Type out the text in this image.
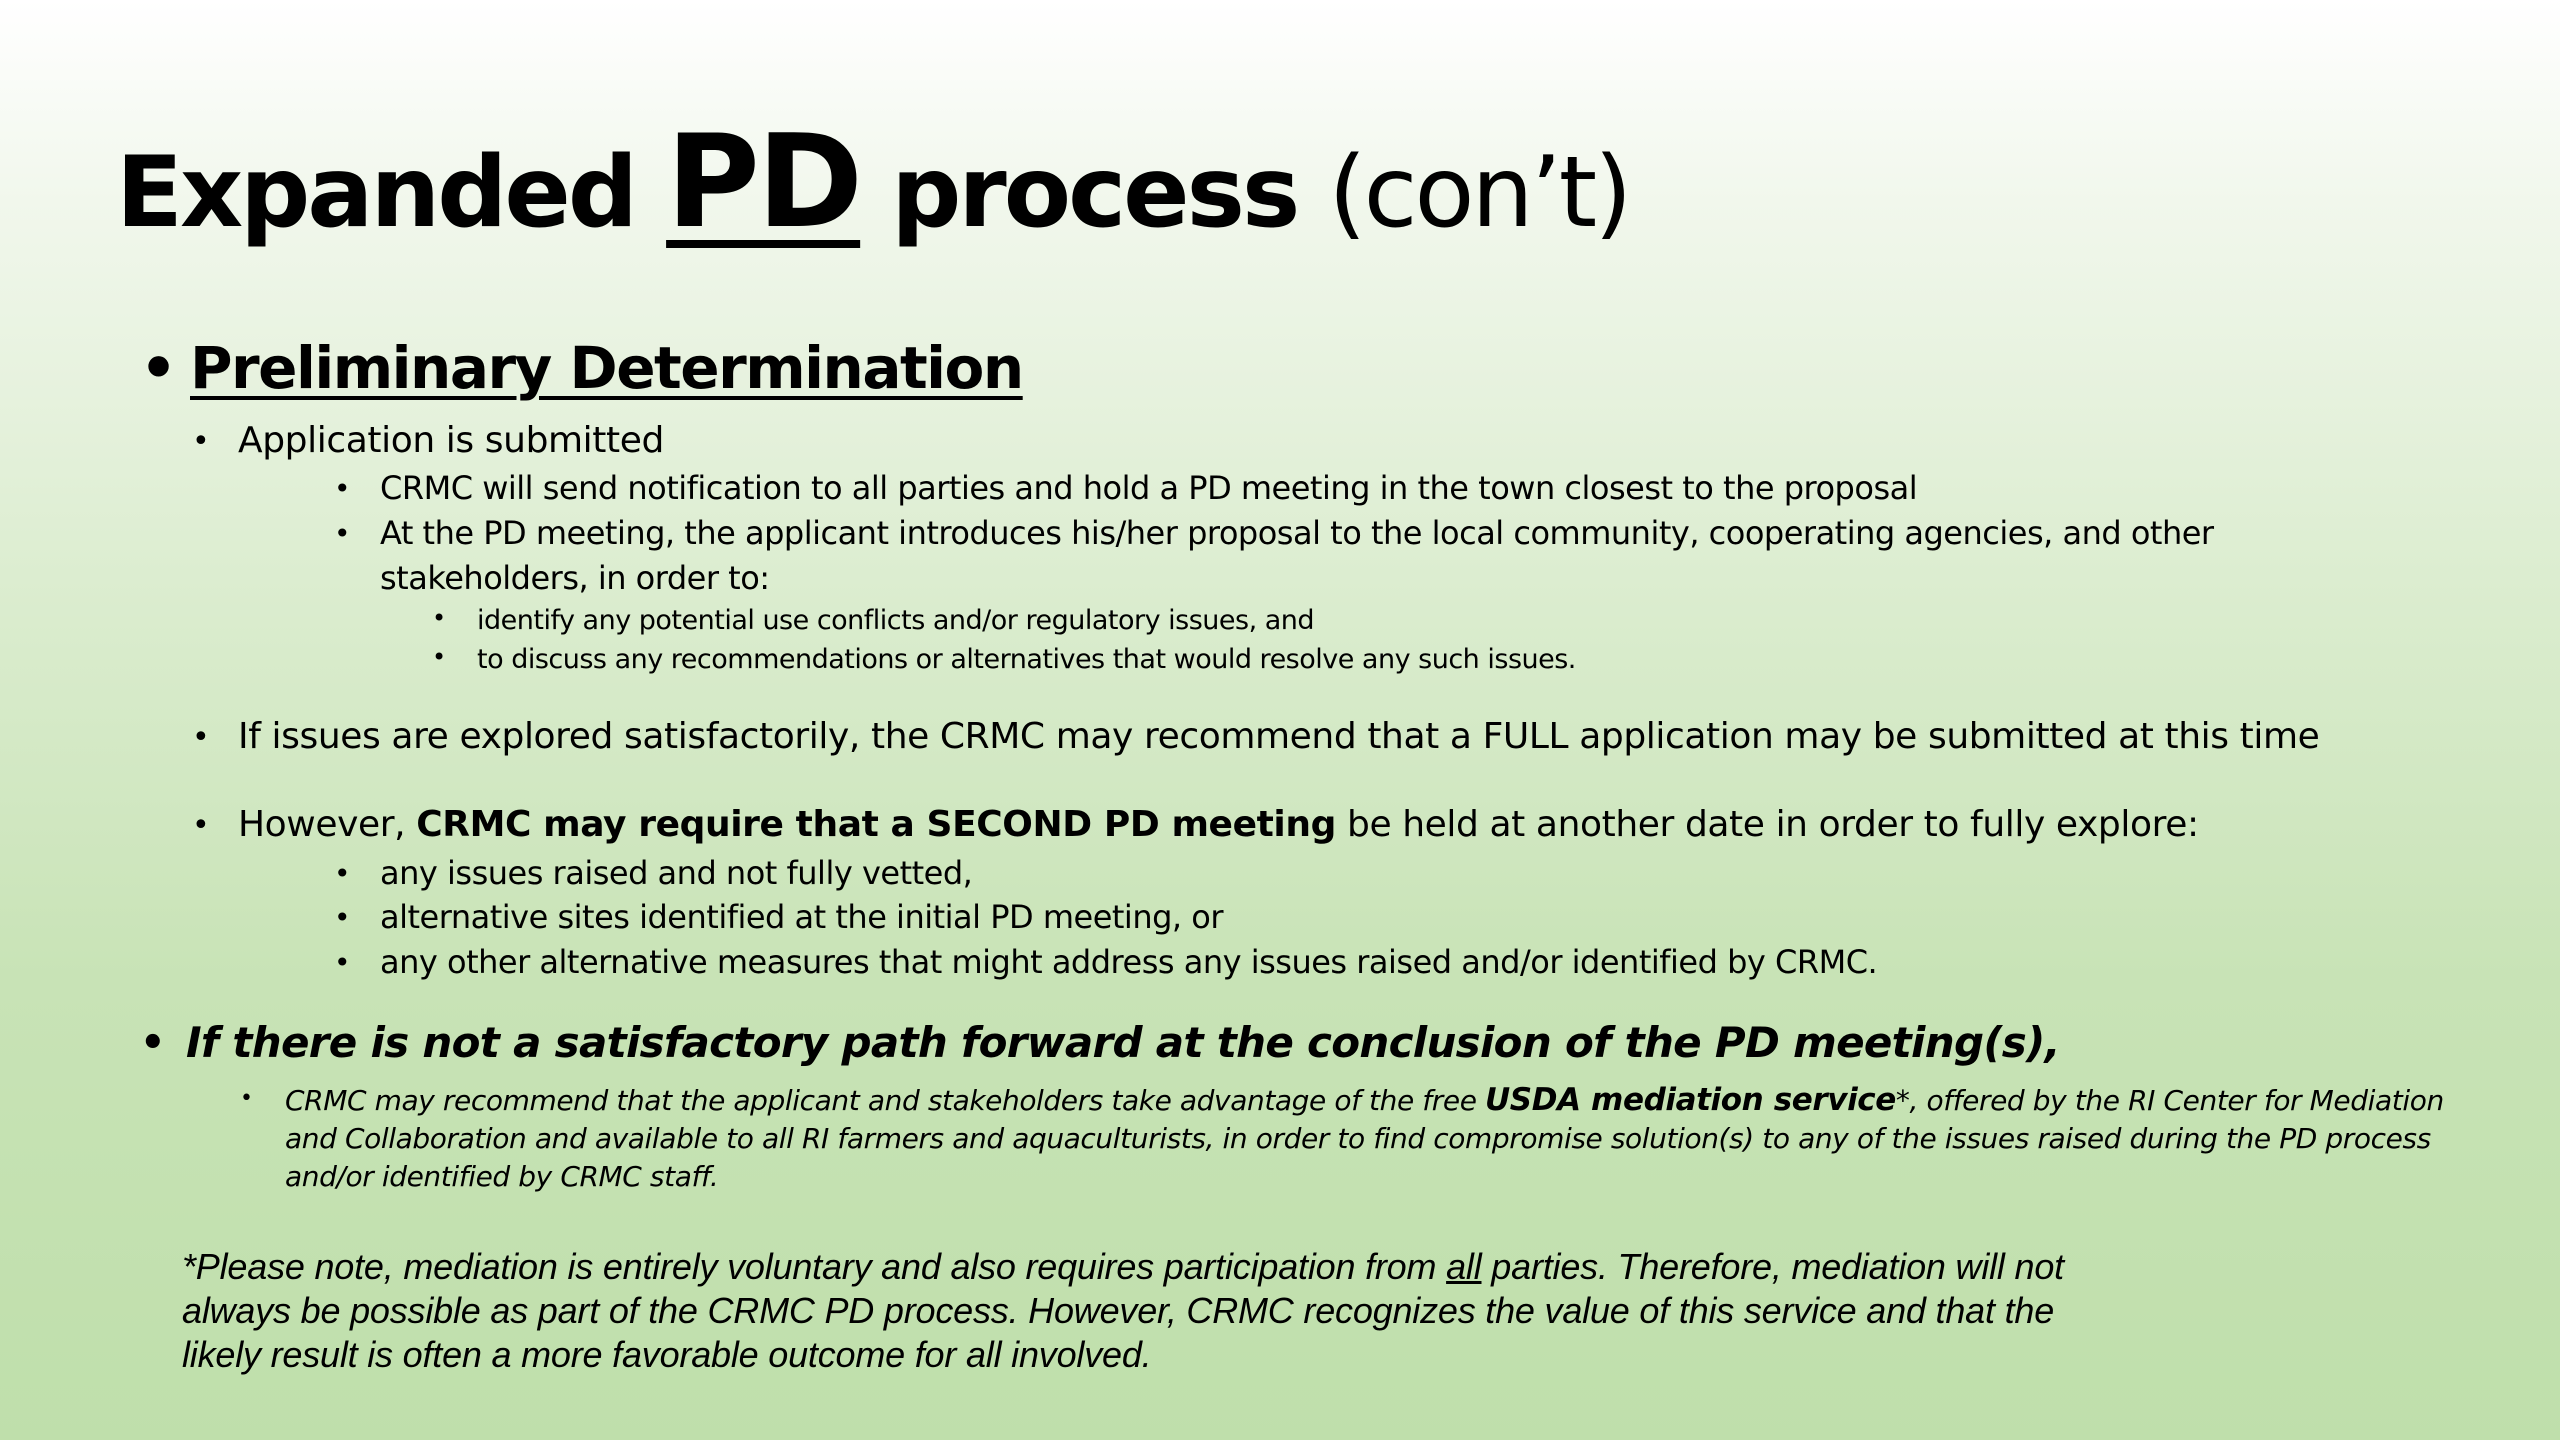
Expanded PD process (con’t)
• Preliminary Determination
• Application is submitted
• CRMC will send notification to all parties and hold a PD meeting in the town closest to the proposal
• At the PD meeting, the applicant introduces his/her proposal to the local community, cooperating agencies, and other
stakeholders, in order to:
• identify any potential use conflicts and/or regulatory issues, and
• to discuss any recommendations or alternatives that would resolve any such issues.
• If issues are explored satisfactorily, the CRMC may recommend that a FULL application may be submitted at this time
• However, CRMC may require that a SECOND PD meeting be held at another date in order to fully explore:
• any issues raised and not fully vetted,
• alternative sites identified at the initial PD meeting, or
• any other alternative measures that might address any issues raised and/or identified by CRMC.
• If there is not a satisfactory path forward at the conclusion of the PD meeting(s),
• CRMC may recommend that the applicant and stakeholders take advantage of the free USDA mediation service*, offered by the RI Center for Mediation
and Collaboration and available to all RI farmers and aquaculturists, in order to find compromise solution(s) to any of the issues raised during the PD process
and/or identified by CRMC staff.
*Please note, mediation is entirely voluntary and also requires participation from all parties. Therefore, mediation will not
always be possible as part of the CRMC PD process. However, CRMC recognizes the value of this service and that the
likely result is often a more favorable outcome for all involved.
